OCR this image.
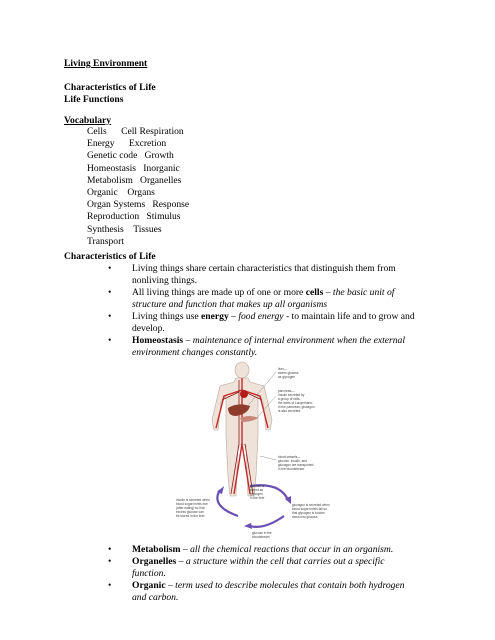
Living Environment
Characteristics of Life
Life Functions
Vocabulary
Cells      Cell Respiration
Energy      Excretion
Genetic code   Growth
Homeostasis   Inorganic
Metabolism   Organelles
Organic    Organs
Organ Systems   Response
Reproduction   Stimulus
Synthesis    Tissues
Transport
Characteristics of Life
• Living things share certain characteristics that distinguish them from
nonliving things.
• All living things are made up of one or more cells – the basic unit of
structure and function that makes up all organisms
• Living things use energy – food energy - to maintain life and to grow and
develop.
• Homeostasis – maintenance of internal environment when the external
environment changes constantly.
liver—
stores glucose
as glycogen
pancreas—
insulin secreted by
a group of cells,
the islets of Langerhans;
in the pancreas; glucagon
is also secreted
blood vessels—
glucose, insulin, and
glucagon are transported
in the bloodstream
glucose is
stored as
glycogen
in the liver
insulin is secreted when
blood sugar levels rise
(after eating) so that
excess glucose can
be stored in the liver
glucagon is secreted when
blood sugar levels fall so
that glycogen is broken
down into glucose
glucose in the
bloodstream
• Metabolism – all the chemical reactions that occur in an organism.
• Organelles – a structure within the cell that carries out a specific
function.
• Organic – term used to describe molecules that contain both hydrogen
and carbon.
